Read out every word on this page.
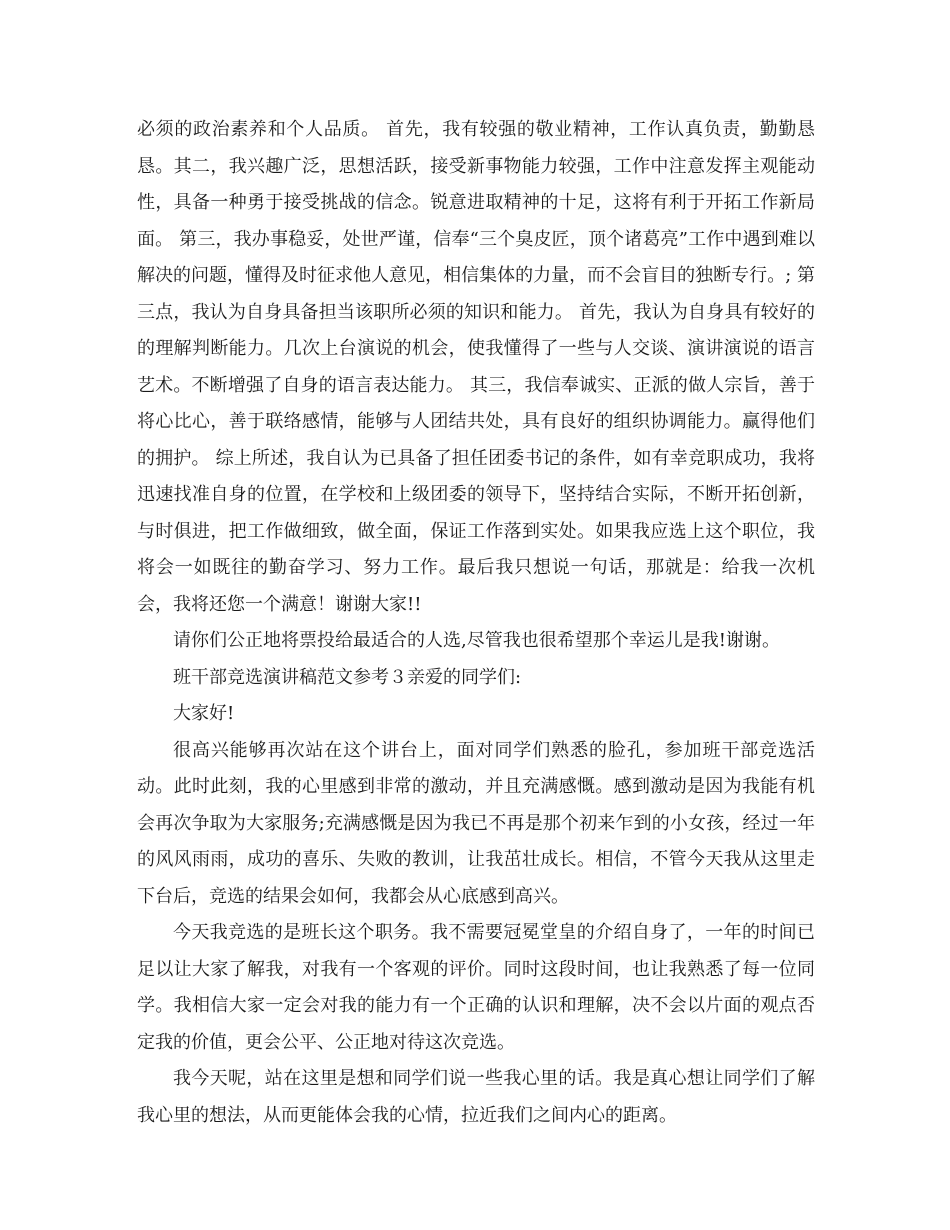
必须的政治素养和个人品质。 首先，我有较强的敬业精神，工作认真负责，勤勤恳恳。其二，我兴趣广泛，思想活跃，接受新事物能力较强，工作中注意发挥主观能动性，具备一种勇于接受挑战的信念。锐意进取精神的十足，这将有利于开拓工作新局面。 第三，我办事稳妥，处世严谨，信奉“三个臭皮匠，顶个诸葛亮”工作中遇到难以解决的问题，懂得及时征求他人意见，相信集体的力量，而不会盲目的独断专行。; 第三点，我认为自身具备担当该职所必须的知识和能力。 首先，我认为自身具有较好的的理解判断能力。几次上台演说的机会，使我懂得了一些与人交谈、演讲演说的语言艺术。不断增强了自身的语言表达能力。 其三，我信奉诚实、正派的做人宗旨，善于将心比心，善于联络感情，能够与人团结共处，具有良好的组织协调能力。赢得他们的拥护。 综上所述，我自认为已具备了担任团委书记的条件，如有幸竞职成功，我将迅速找准自身的位置，在学校和上级团委的领导下，坚持结合实际，不断开拓创新，与时俱进，把工作做细致，做全面，保证工作落到实处。如果我应选上这个职位，我将会一如既往的勤奋学习、努力工作。最后我只想说一句话，那就是：给我一次机会，我将还您一个满意！谢谢大家!!

请你们公正地将票投给最适合的人选,尽管我也很希望那个幸运儿是我!谢谢。

班干部竞选演讲稿范文参考３亲爱的同学们:

大家好!

很高兴能够再次站在这个讲台上，面对同学们熟悉的脸孔，参加班干部竞选活动。此时此刻，我的心里感到非常的激动，并且充满感慨。感到激动是因为我能有机会再次争取为大家服务;充满感慨是因为我已不再是那个初来乍到的小女孩，经过一年的风风雨雨，成功的喜乐、失败的教训，让我茁壮成长。相信，不管今天我从这里走下台后，竞选的结果会如何，我都会从心底感到高兴。

今天我竞选的是班长这个职务。我不需要冠冕堂皇的介绍自身了，一年的时间已足以让大家了解我，对我有一个客观的评价。同时这段时间，也让我熟悉了每一位同学。我相信大家一定会对我的能力有一个正确的认识和理解，决不会以片面的观点否定我的价值，更会公平、公正地对待这次竞选。

我今天呢，站在这里是想和同学们说一些我心里的话。我是真心想让同学们了解我心里的想法，从而更能体会我的心情，拉近我们之间内心的距离。
